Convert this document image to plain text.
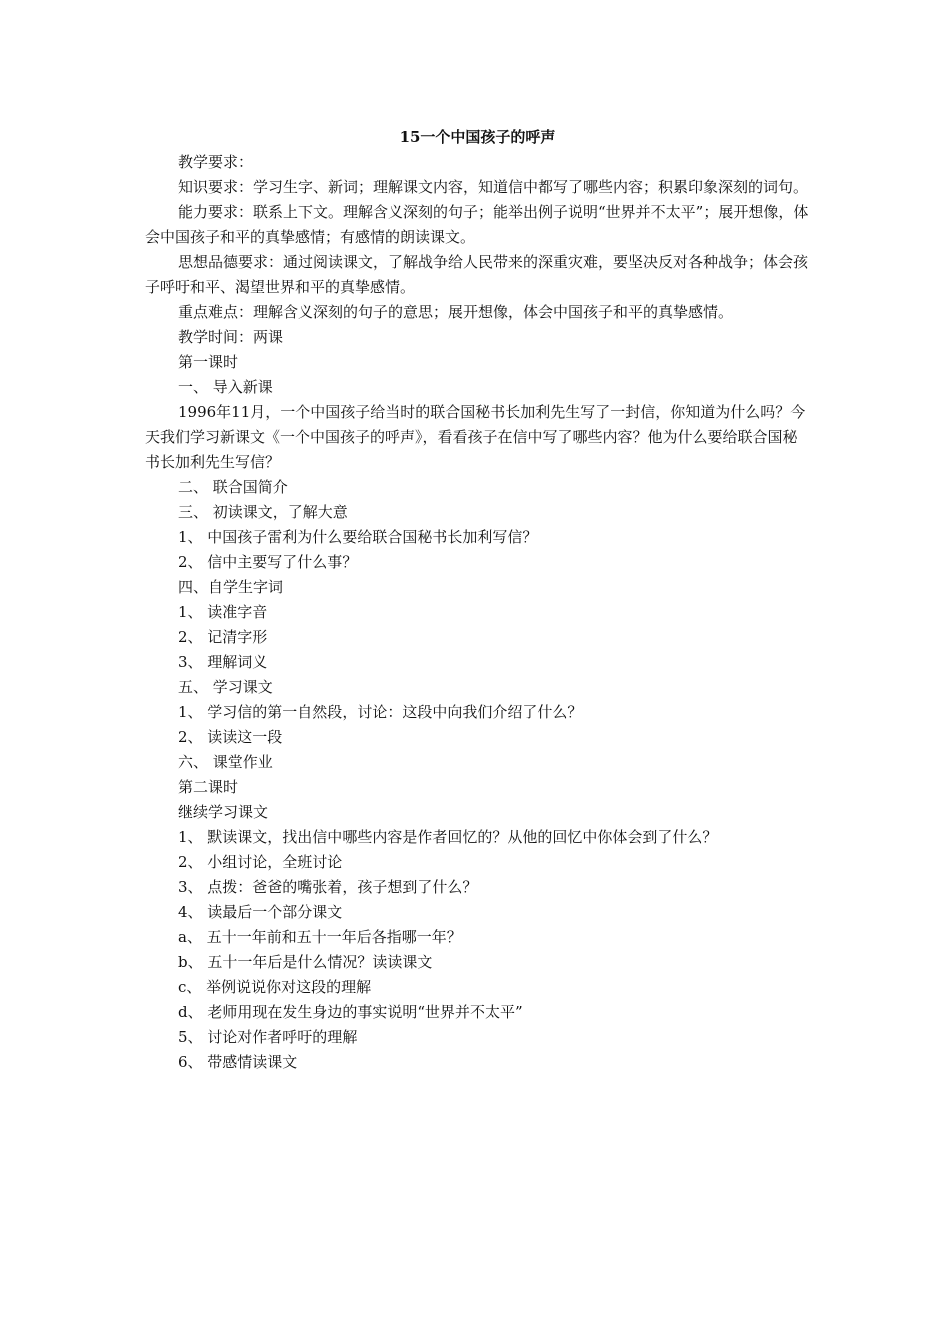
15一个中国孩子的呼声

教学要求：

知识要求：学习生字、新词；理解课文内容，知道信中都写了哪些内容；积累印象深刻的词句。

能力要求：联系上下文。理解含义深刻的句子；能举出例子说明“世界并不太平”；展开想像，体会中国孩子和平的真挚感情；有感情的朗读课文。

思想品德要求：通过阅读课文，了解战争给人民带来的深重灾难，要坚决反对各种战争；体会孩子呼吁和平、渴望世界和平的真挚感情。

重点难点：理解含义深刻的句子的意思；展开想像，体会中国孩子和平的真挚感情。

教学时间：两课

第一课时

一、 导入新课

1996年11月，一个中国孩子给当时的联合国秘书长加利先生写了一封信，你知道为什么吗？今天我们学习新课文《一个中国孩子的呼声》，看看孩子在信中写了哪些内容？他为什么要给联合国秘书长加利先生写信？

二、 联合国简介

三、 初读课文，了解大意

1、 中国孩子雷利为什么要给联合国秘书长加利写信？

2、 信中主要写了什么事？

四、自学生字词

1、 读准字音

2、 记清字形

3、 理解词义

五、 学习课文

1、 学习信的第一自然段，讨论：这段中向我们介绍了什么？

2、 读读这一段

六、 课堂作业

第二课时

继续学习课文

1、 默读课文，找出信中哪些内容是作者回忆的？从他的回忆中你体会到了什么？

2、 小组讨论，全班讨论

3、 点拨：爸爸的嘴张着，孩子想到了什么？

4、 读最后一个部分课文

a、 五十一年前和五十一年后各指哪一年？

b、 五十一年后是什么情况？读读课文

c、 举例说说你对这段的理解

d、 老师用现在发生身边的事实说明“世界并不太平”

5、 讨论对作者呼吁的理解

6、 带感情读课文
